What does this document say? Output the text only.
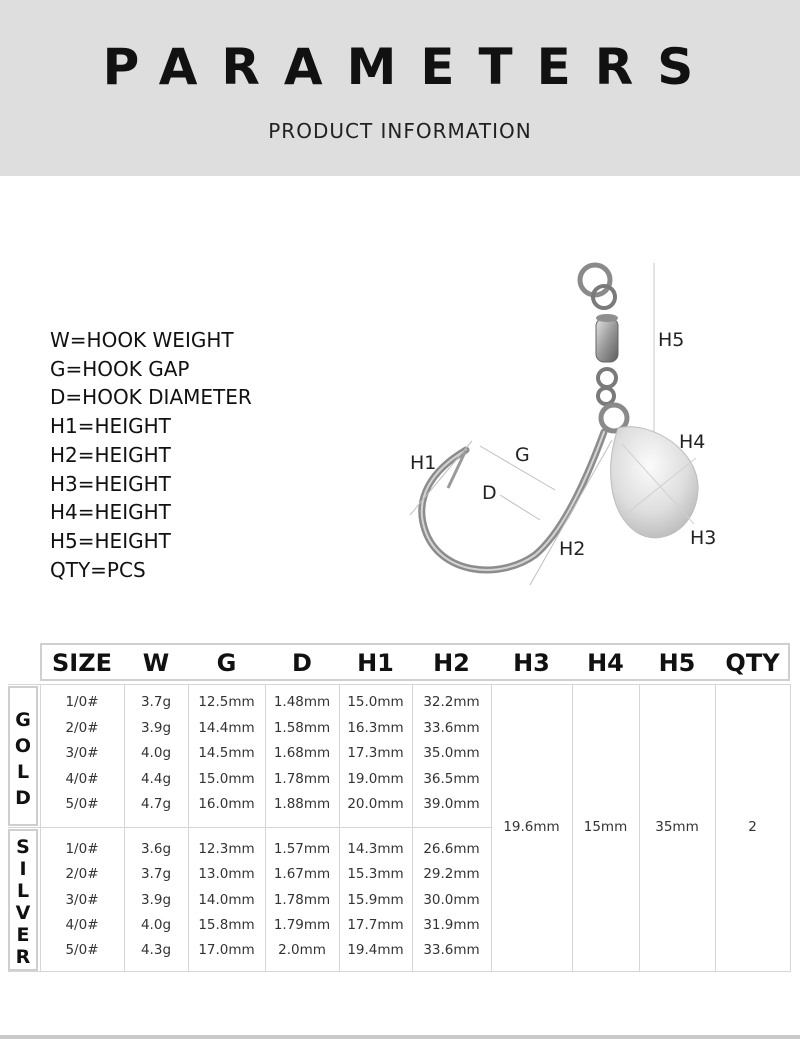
PARAMETERS
PRODUCT INFORMATION
W=HOOK WEIGHT
G=HOOK GAP
D=HOOK DIAMETER
H1=HEIGHT
H2=HEIGHT
H3=HEIGHT
H4=HEIGHT
H5=HEIGHT
QTY=PCS
H5
H4
H1	G
D
H2	H3
SIZE	W	G	D	H1	H2	H3	H4	H5	QTY
G
O
L
D
1/0#	3.7g	12.5mm	1.48mm	15.0mm	32.2mm
2/0#	3.9g	14.4mm	1.58mm	16.3mm	33.6mm
3/0#	4.0g	14.5mm	1.68mm	17.3mm	35.0mm
4/0#	4.4g	15.0mm	1.78mm	19.0mm	36.5mm
5/0#	4.7g	16.0mm	1.88mm	20.0mm	39.0mm
S
I
L
V
E
R
1/0#	3.6g	12.3mm	1.57mm	14.3mm	26.6mm
2/0#	3.7g	13.0mm	1.67mm	15.3mm	29.2mm
3/0#	3.9g	14.0mm	1.78mm	15.9mm	30.0mm
4/0#	4.0g	15.8mm	1.79mm	17.7mm	31.9mm
5/0#	4.3g	17.0mm	2.0mm	19.4mm	33.6mm
19.6mm	15mm	35mm	2
